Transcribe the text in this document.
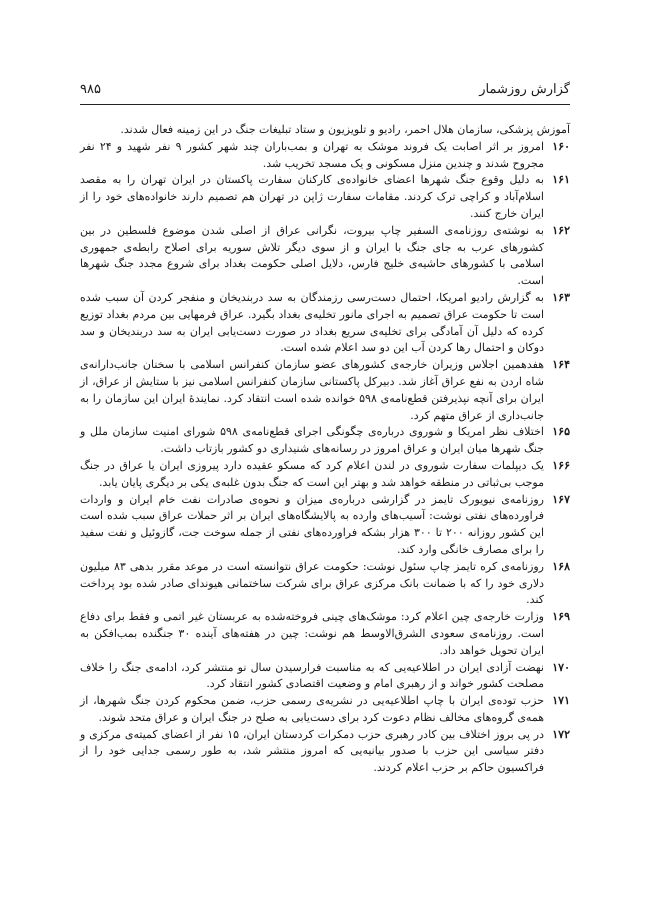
۹۸۵	گزارش روزشمار

آموزش پزشکی، سازمان هلال احمر، رادیو و تلویزیون و ستاد تبلیغات جنگ در این زمینه فعال شدند.

۱۶۰

امروز بر اثر اصابت یک فروند موشک به تهران و بمب‌باران چند شهر کشور ۹ نفر شهید و ۲۴ نفر مجروح شدند و چندین منزل مسکونی و یک مسجد تخریب شد.

۱۶۱

به دلیل وقوع جنگ شهرها اعضای خانواده‌ی کارکنان سفارت پاکستان در ایران تهران را به مقصد اسلام‌آباد و کراچی ترک کردند. مقامات سفارت ژاپن در تهران هم تصمیم دارند خانواده‌های خود را از ایران خارج کنند.

۱۶۲

به نوشته‌ی روزنامه‌ی السفیر چاپ بیروت، نگرانی عراق از اصلی شدن موضوع فلسطین در بین کشورهای عرب به جای جنگ با ایران و از سوی دیگر تلاش سوریه برای اصلاح رابطه‌ی جمهوری اسلامی با کشورهای حاشیه‌ی خلیج فارس، دلایل اصلی حکومت بغداد برای شروع مجدد جنگ شهرها است.

۱۶۳

به گزارش رادیو امریکا، احتمال دست‌رسی رزمندگان به سد دربندیخان و منفجر کردن آن سبب شده است تا حکومت عراق تصمیم به اجرای مانور تخلیه‌ی بغداد بگیرد. عراق فرمهایی بین مردم بغداد توزیع کرده که دلیل آن آمادگی برای تخلیه‌ی سریع بغداد در صورت دست‌یابی ایران به سد دربندیخان و سد دوکان و احتمال رها کردن آب این دو سد اعلام شده است.

۱۶۴

هفدهمین اجلاس وزیران خارجه‌ی کشورهای عضو سازمان کنفرانس اسلامی با سخنان جانب‌دارانه‌ی شاه اردن به نفع عراق آغاز شد. دبیرکل پاکستانی سازمان کنفرانس اسلامی نیز با ستایش از عراق، از ایران برای آنچه نپذیرفتن قطع‌نامه‌ی ۵۹۸ خوانده شده است انتقاد کرد. نمایندهٔ ایران این سازمان را به جانب‌داری از عراق متهم کرد.

۱۶۵

اختلاف نظر امریکا و شوروی درباره‌ی چگونگی اجرای قطع‌نامه‌ی ۵۹۸ شورای امنیت سازمان ملل و جنگ شهرها میان ایران و عراق امروز در رسانه‌های شنیداری دو کشور بازتاب داشت.

۱۶۶

یک دیپلمات سفارت شوروی در لندن اعلام کرد که مسکو عقیده دارد پیروزی ایران یا عراق در جنگ موجب بی‌ثباتی در منطقه خواهد شد و بهتر این است که جنگ بدون غلبه‌ی یکی بر دیگری پایان یابد.

۱۶۷

روزنامه‌ی نیویورک تایمز در گزارشی درباره‌ی میزان و نحوه‌ی صادرات نفت خام ایران و واردات فراورده‌های نفتی نوشت: آسیب‌های وارده به پالایشگاه‌های ایران بر اثر حملات عراق سبب شده است این کشور روزانه ۲۰۰ تا ۳۰۰ هزار بشکه فراورده‌های نفتی از جمله سوخت جت، گازوئیل و نفت سفید را برای مصارف خانگی وارد کند.

۱۶۸

روزنامه‌ی کره تایمز چاپ سئول نوشت: حکومت عراق نتوانسته است در موعد مقرر بدهی ۸۳ میلیون دلاری خود را که با ضمانت بانک مرکزی عراق برای شرکت ساختمانی هیوندای صادر شده بود پرداخت کند.

۱۶۹

وزارت خارجه‌ی چین اعلام کرد: موشک‌های چینی فروخته‌شده به عربستان غیر اتمی و فقط برای دفاع است. روزنامه‌ی سعودی الشرق‌الاوسط هم نوشت: چین در هفته‌های آینده ۳۰ جنگنده بمب‌افکن به ایران تحویل خواهد داد.

۱۷۰

نهضت آزادی ایران در اطلاعیه‌یی که به مناسبت فرارسیدن سال نو منتشر کرد، ادامه‌ی جنگ را خلاف مصلحت کشور خواند و از رهبری امام و وضعیت اقتصادی کشور انتقاد کرد.

۱۷۱

حزب توده‌ی ایران با چاپ اطلاعیه‌یی در نشریه‌ی رسمی حزب، ضمن محکوم کردن جنگ شهرها، از همه‌ی گروه‌های مخالف نظام دعوت کرد برای دست‌یابی به صلح در جنگ ایران و عراق متحد شوند.

۱۷۲

در پی بروز اختلاف بین کادر رهبری حزب دمکرات کردستان ایران، ۱۵ نفر از اعضای کمیته‌ی مرکزی و دفتر سیاسی این حزب با صدور بیانیه‌یی که امروز منتشر شد، به طور رسمی جدایی خود را از فراکسیون حاکم بر حزب اعلام کردند.
